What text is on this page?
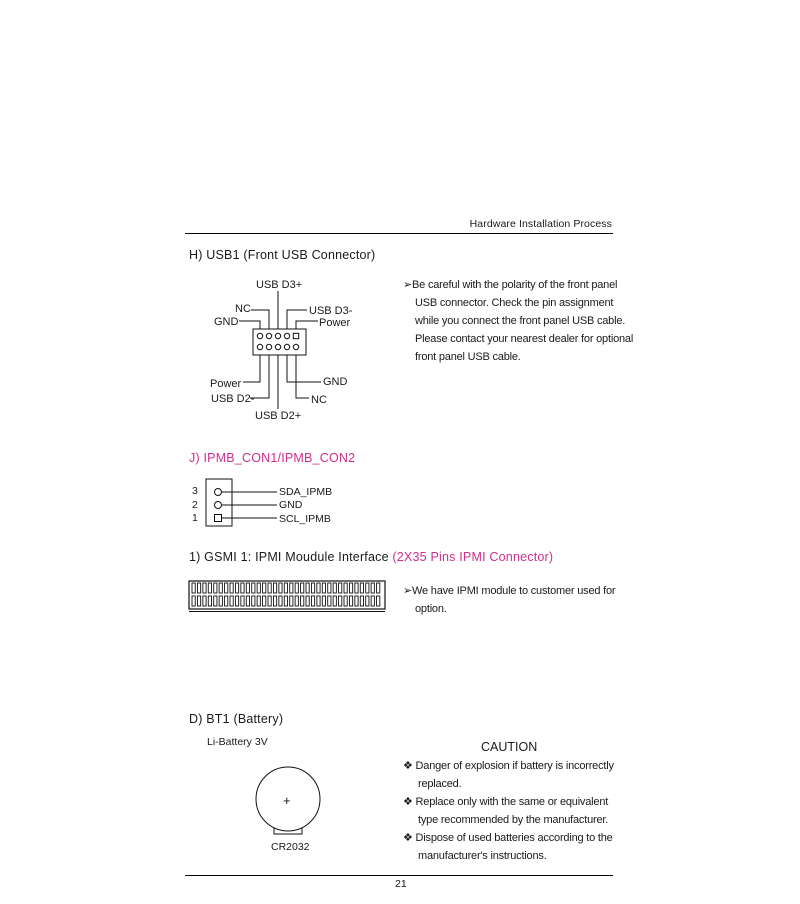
Hardware Installation Process
H) USB1 (Front USB Connector)
USB D3+
NC	USB D3-
GND	Power
Power	GND
USB D2-	NC
USB D2+
➢Be careful with the polarity of the front panel
USB connector. Check the pin assignment
while you connect the front panel USB cable.
Please contact your nearest dealer for optional
front panel USB cable.
J) IPMB_CON1/IPMB_CON2
3
2
1
SDA_IPMB
GND
SCL_IPMB
1) GSMI 1: IPMI Moudule Interface (2X35 Pins IPMI Connector)
➢We have IPMI module to customer used for
option.
D) BT1 (Battery)
Li-Battery 3V
+
CR2032
CAUTION
❖ Danger of explosion if battery is incorrectly
replaced.
❖ Replace only with the same or equivalent
type recommended by the manufacturer.
❖ Dispose of used batteries according to the
manufacturer's instructions.
21
